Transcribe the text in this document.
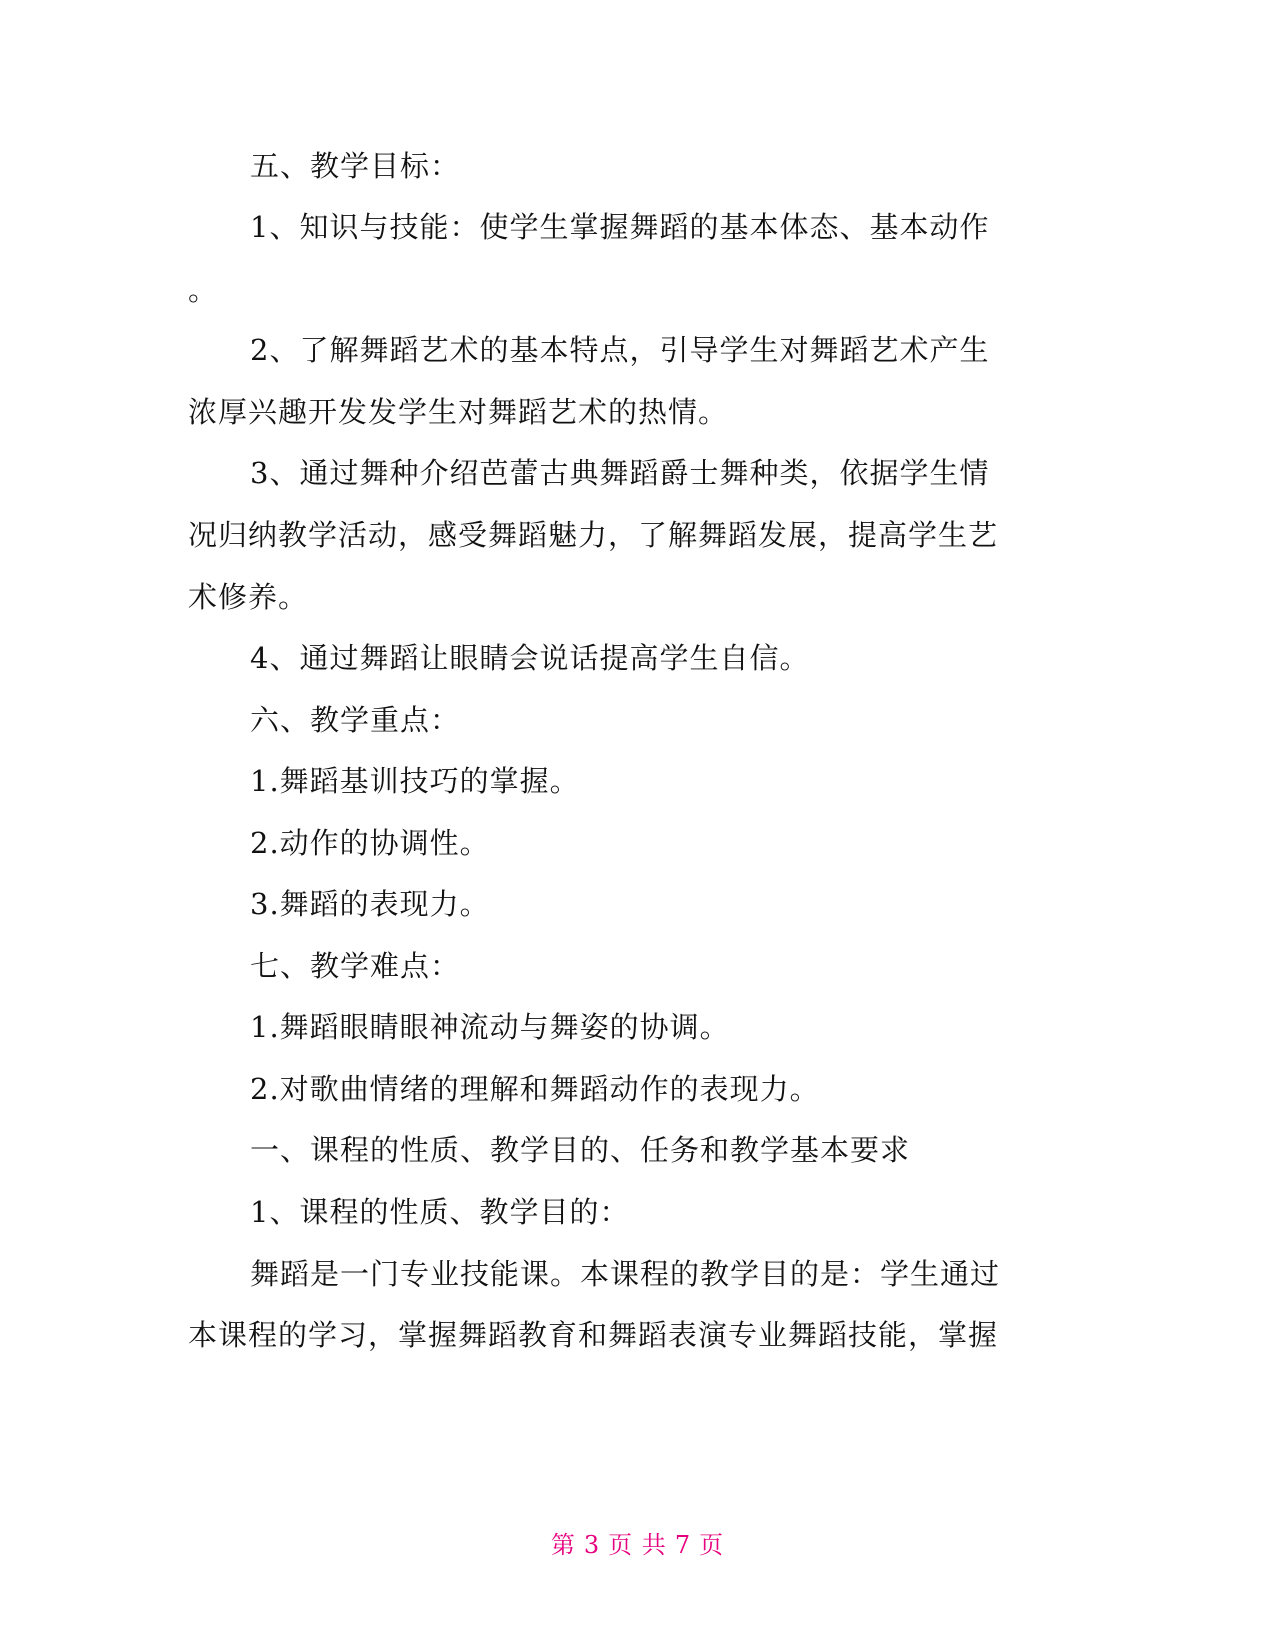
五、教学目标：
1、知识与技能：使学生掌握舞蹈的基本体态、基本动作
。
2、了解舞蹈艺术的基本特点，引导学生对舞蹈艺术产生
浓厚兴趣开发发学生对舞蹈艺术的热情。
3、通过舞种介绍芭蕾古典舞蹈爵士舞种类，依据学生情
况归纳教学活动，感受舞蹈魅力，了解舞蹈发展，提高学生艺
术修养。
4、通过舞蹈让眼睛会说话提高学生自信。
六、教学重点：
1.舞蹈基训技巧的掌握。
2.动作的协调性。
3.舞蹈的表现力。
七、教学难点：
1.舞蹈眼睛眼神流动与舞姿的协调。
2.对歌曲情绪的理解和舞蹈动作的表现力。
一、课程的性质、教学目的、任务和教学基本要求
1、课程的性质、教学目的：
舞蹈是一门专业技能课。本课程的教学目的是：学生通过
本课程的学习，掌握舞蹈教育和舞蹈表演专业舞蹈技能，掌握
第 3 页 共 7 页
